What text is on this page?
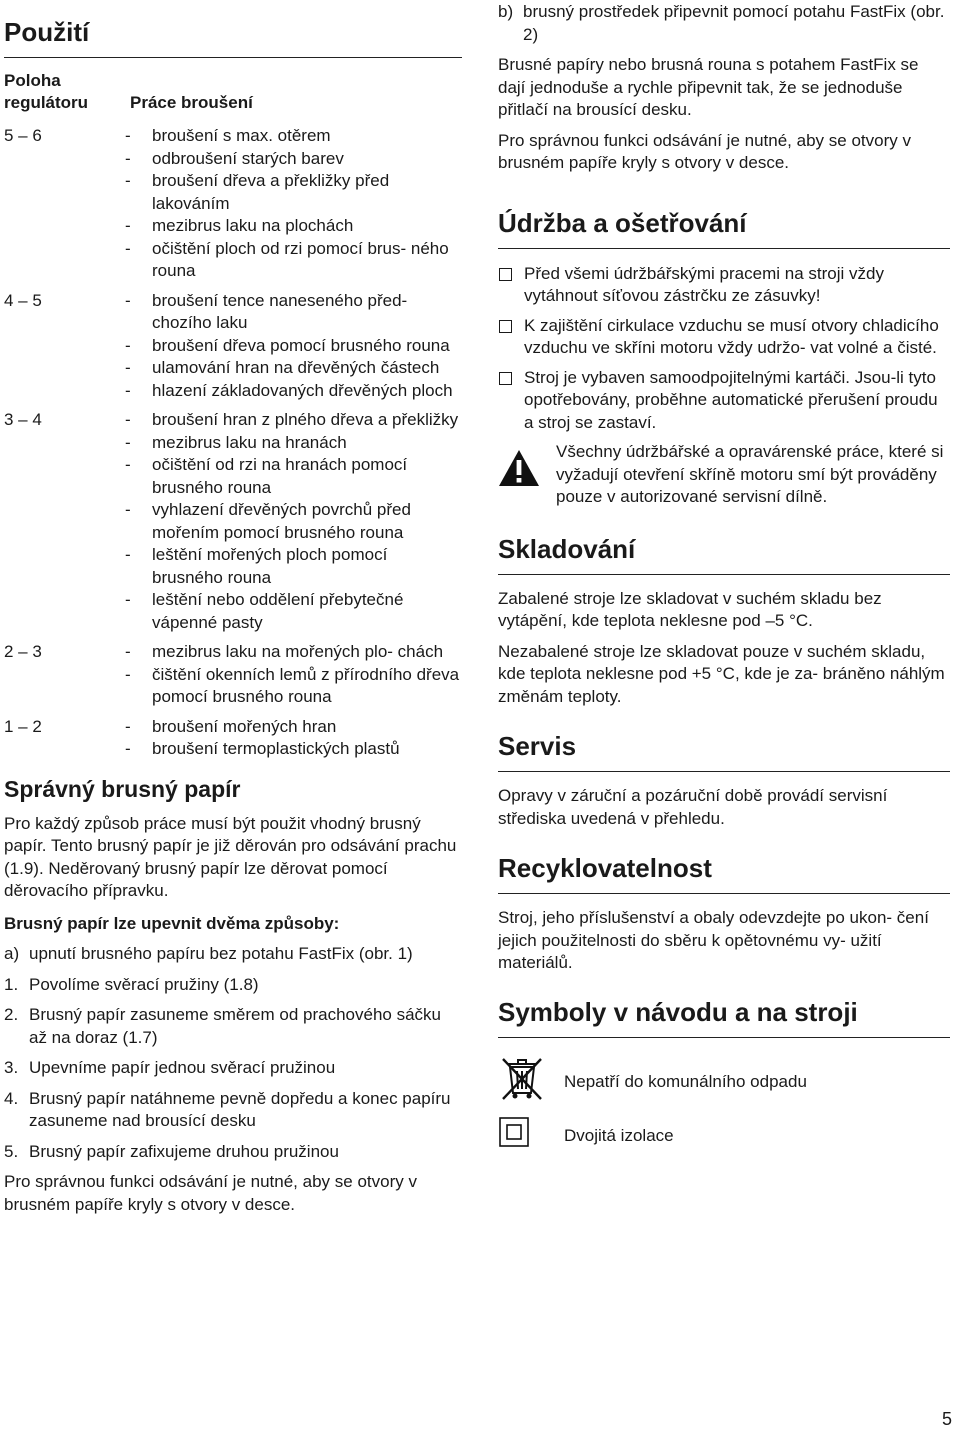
Použití
Poloha
regulátoru	Práce broušení
5 – 6	-	broušení s max. otěrem
-	odbroušení starých barev
-	broušení dřeva a překližky před lakováním
-	mezibrus laku na plochách
-	očištění ploch od rzi pomocí brus- ného rouna
4 – 5	-	broušení tence naneseného před- chozího laku
-	broušení dřeva pomocí brusného rouna
-	ulamování hran na dřevěných částech
-	hlazení základovaných dřevěných ploch
3 – 4	-	broušení hran z plného dřeva a překližky
-	mezibrus laku na hranách
-	očištění od rzi na hranách pomocí brusného rouna
-	vyhlazení dřevěných povrchů před mořením pomocí brusného rouna
-	leštění mořených ploch pomocí brusného rouna
-	leštění nebo oddělení přebytečné vápenné pasty
2 – 3	-	mezibrus laku na mořených plo- chách
-	čištění okenních lemů z přírodního dřeva pomocí brusného rouna
1 – 2	-	broušení mořených hran
-	broušení termoplastických plastů
Správný brusný papír

Pro každý způsob práce musí být použit vhodný brusný papír. Tento brusný papír je již děrován pro odsávání prachu (1.9). Neděrovaný brusný papír lze děrovat pomocí děrovacího přípravku.

Brusný papír lze upevnit dvěma způsoby:

a) upnutí brusného papíru bez potahu FastFix (obr. 1)
1. Povolíme svěrací pružiny (1.8)
2. Brusný papír zasuneme směrem od prachového sáčku až na doraz (1.7)
3. Upevníme papír jednou svěrací pružinou
4. Brusný papír natáhneme pevně dopředu a konec papíru zasuneme nad brousící desku
5. Brusný papír zafixujeme druhou pružinou

Pro správnou funkci odsávání je nutné, aby se otvory v brusném papíře kryly s otvory v desce.

b) brusný prostředek připevnit pomocí potahu FastFix (obr. 2)

Brusné papíry nebo brusná rouna s potahem FastFix se dají jednoduše a rychle připevnit tak, že se jednoduše přitlačí na brousící desku.

Pro správnou funkci odsávání je nutné, aby se otvory v brusném papíře kryly s otvory v desce.

Údržba a ošetřování
Před všemi údržbářskými pracemi na stroji vždy vytáhnout síťovou zástrčku ze zásuvky!
K zajištění cirkulace vzduchu se musí otvory chladicího vzduchu ve skříni motoru vždy udržo- vat volné a čisté.
Stroj je vybaven samoodpojitelnými kartáči. Jsou-li tyto opotřebovány, proběhne automatické přerušení proudu a stroj se zastaví.

Všechny údržbářské a opravárenské práce, které si vyžadují otevření skříně motoru smí být prováděny pouze v autorizované servisní dílně.

Skladování

Zabalené stroje lze skladovat v suchém skladu bez vytápění, kde teplota neklesne pod –5 °C.

Nezabalené stroje lze skladovat pouze v suchém skladu, kde teplota neklesne pod +5 °C, kde je za- bráněno náhlým změnám teploty.

Servis

Opravy v záruční a pozáruční době provádí servisní střediska uvedená v přehledu.

Recyklovatelnost

Stroj, jeho příslušenství a obaly odevzdejte po ukon- čení jejich použitelnosti do sběru k opětovnému vy- užití materiálů.

Symboly v návodu a na stroji
Nepatří do komunálního odpadu
Dvojitá izolace
5
